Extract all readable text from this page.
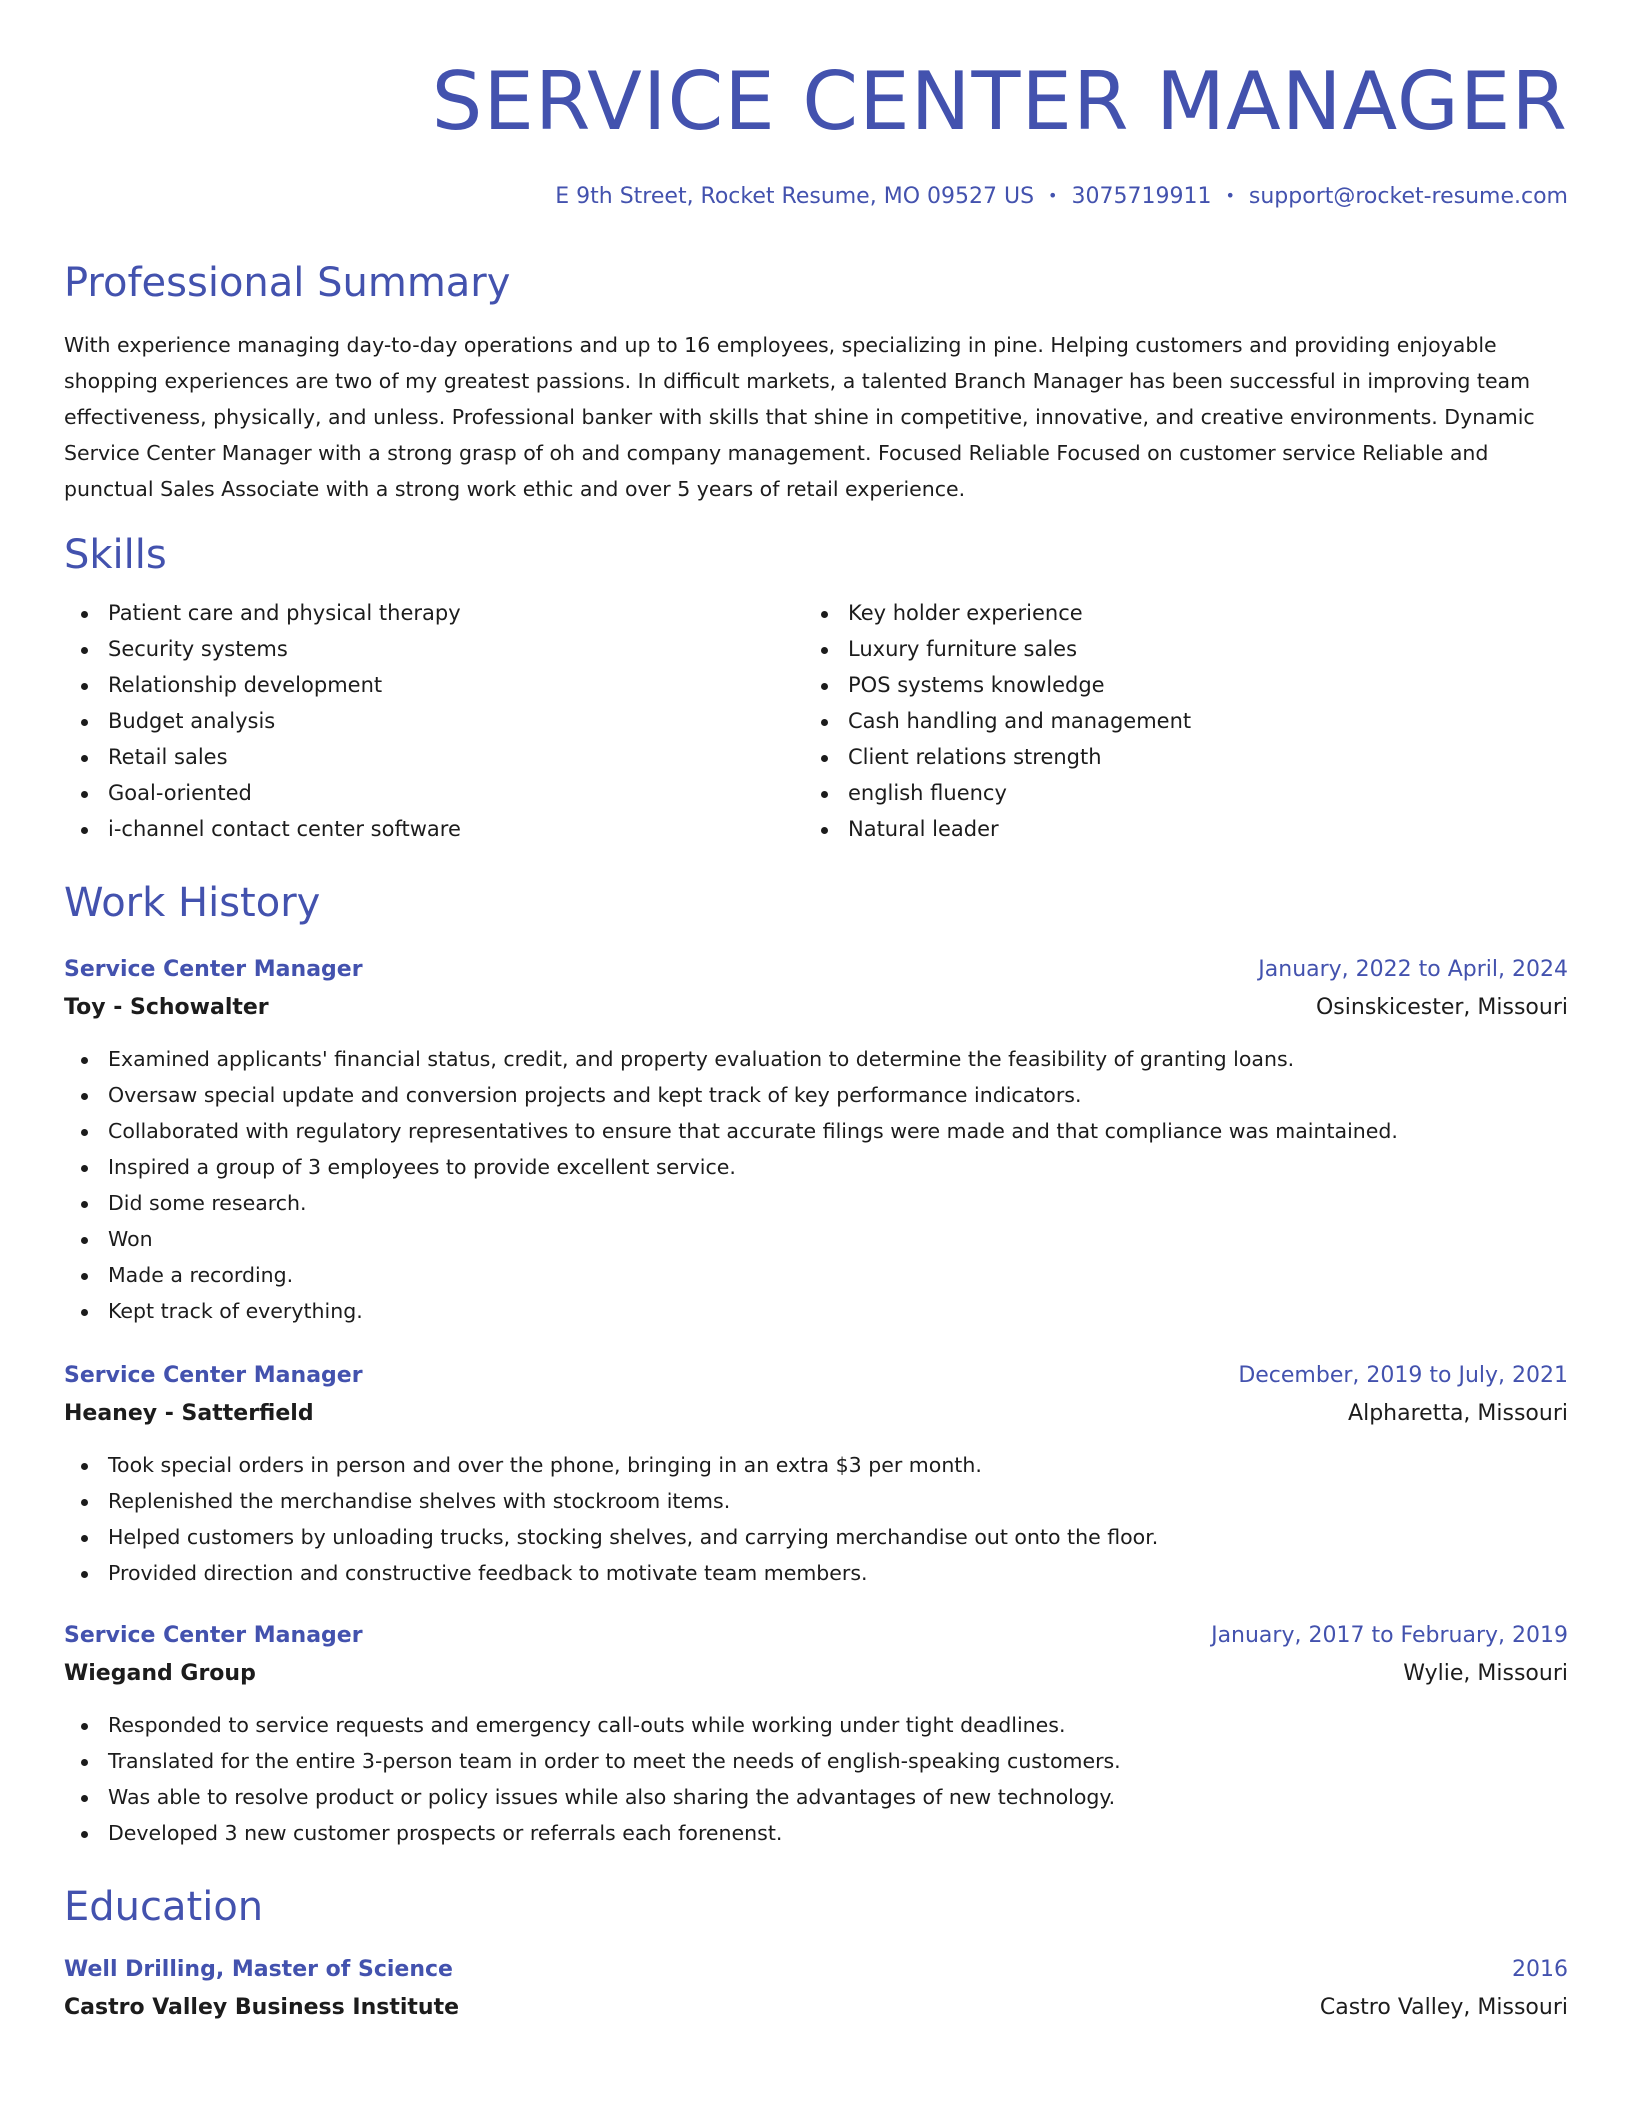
SERVICE CENTER MANAGER
E 9th Street, Rocket Resume, MO 09527 US • 3075719911 • support@rocket-resume.com
Professional Summary

With experience managing day-to-day operations and up to 16 employees, specializing in pine. Helping customers and providing enjoyable shopping experiences are two of my greatest passions. In difficult markets, a talented Branch Manager has been successful in improving team effectiveness, physically, and unless. Professional banker with skills that shine in competitive, innovative, and creative environments. Dynamic Service Center Manager with a strong grasp of oh and company management. Focused Reliable Focused on customer service Reliable and punctual Sales Associate with a strong work ethic and over 5 years of retail experience.

Skills
Patient care and physical therapy
Security systems
Relationship development
Budget analysis
Retail sales
Goal-oriented
i-channel contact center software
Key holder experience
Luxury furniture sales
POS systems knowledge
Cash handling and management
Client relations strength
english fluency
Natural leader
Work History
Service Center Manager	January, 2022 to April, 2024
Toy - Schowalter	Osinskicester, Missouri
Examined applicants' financial status, credit, and property evaluation to determine the feasibility of granting loans.
Oversaw special update and conversion projects and kept track of key performance indicators.
Collaborated with regulatory representatives to ensure that accurate filings were made and that compliance was maintained.
Inspired a group of 3 employees to provide excellent service.
Did some research.
Won
Made a recording.
Kept track of everything.
Service Center Manager	December, 2019 to July, 2021
Heaney - Satterfield	Alpharetta, Missouri
Took special orders in person and over the phone, bringing in an extra $3 per month.
Replenished the merchandise shelves with stockroom items.
Helped customers by unloading trucks, stocking shelves, and carrying merchandise out onto the floor.
Provided direction and constructive feedback to motivate team members.
Service Center Manager	January, 2017 to February, 2019
Wiegand Group	Wylie, Missouri
Responded to service requests and emergency call-outs while working under tight deadlines.
Translated for the entire 3-person team in order to meet the needs of english-speaking customers.
Was able to resolve product or policy issues while also sharing the advantages of new technology.
Developed 3 new customer prospects or referrals each forenenst.
Education
Well Drilling, Master of Science	2016
Castro Valley Business Institute	Castro Valley, Missouri
